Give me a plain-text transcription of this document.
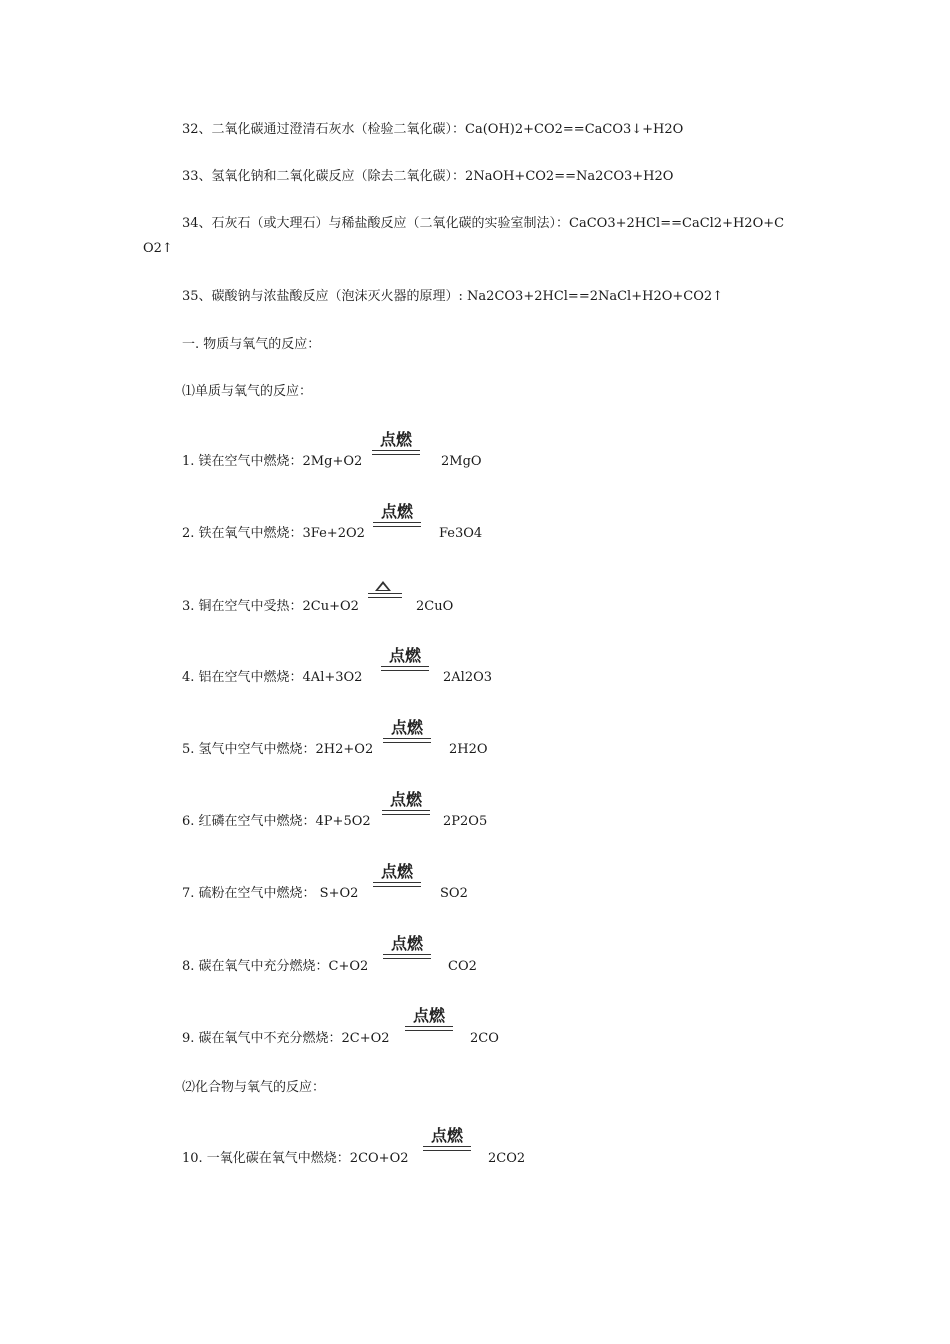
32、二氧化碳通过澄清石灰水（检验二氧化碳）：Ca(OH)2+CO2==CaCO3↓+H2O
33、氢氧化钠和二氧化碳反应（除去二氧化碳）：2NaOH+CO2==Na2CO3+H2O
34、石灰石（或大理石）与稀盐酸反应（二氧化碳的实验室制法）：CaCO3+2HCl==CaCl2+H2O+C
O2↑
35、碳酸钠与浓盐酸反应（泡沫灭火器的原理）: Na2CO3+2HCl==2NaCl+H2O+CO2↑
一. 物质与氧气的反应：
⑴单质与氧气的反应：
1. 镁在空气中燃烧：2Mg+O2
点燃
2MgO
2. 铁在氧气中燃烧：3Fe+2O2
点燃
Fe3O4
3. 铜在空气中受热：2Cu+O2	2CuO
4. 铝在空气中燃烧：4Al+3O2
点燃
2Al2O3
5. 氢气中空气中燃烧：2H2+O2
点燃
2H2O
6. 红磷在空气中燃烧：4P+5O2
点燃
2P2O5
7. 硫粉在空气中燃烧： S+O2
点燃
SO2
8. 碳在氧气中充分燃烧：C+O2
点燃
CO2
9. 碳在氧气中不充分燃烧：2C+O2
点燃
2CO
⑵化合物与氧气的反应：
10. 一氧化碳在氧气中燃烧：2CO+O2
点燃
2CO2
